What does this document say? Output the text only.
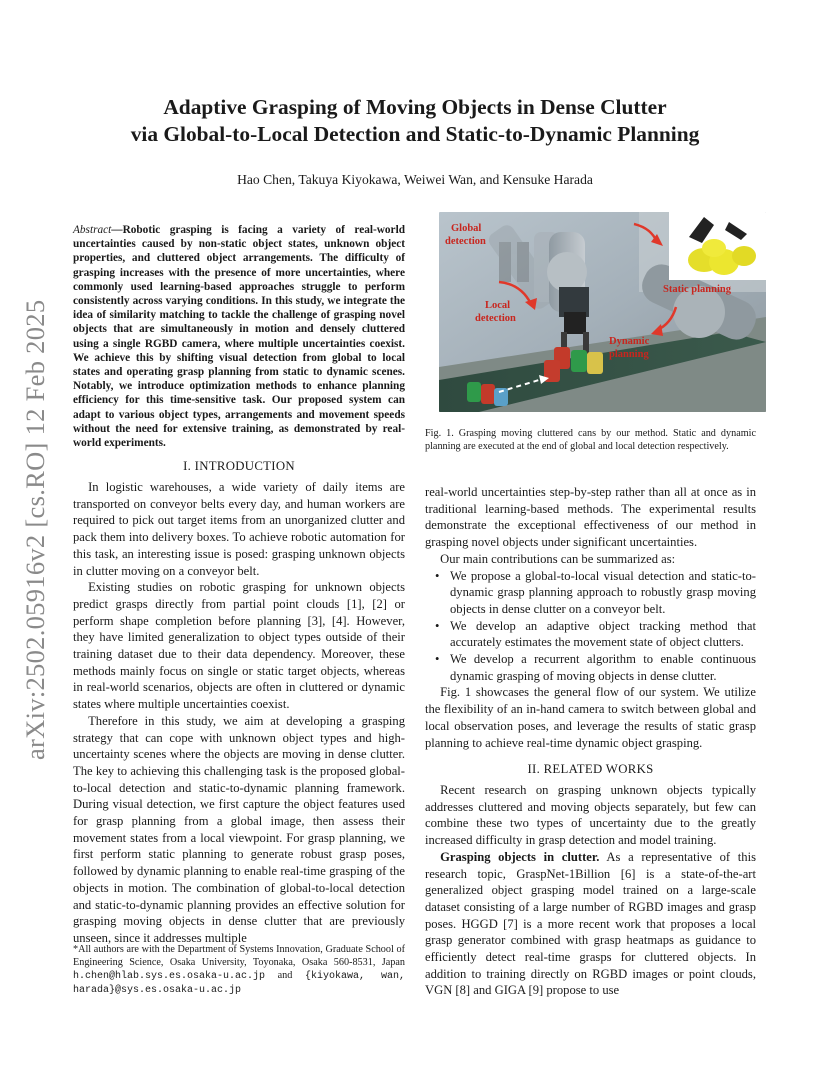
arXiv:2502.05916v2 [cs.RO] 12 Feb 2025
Adaptive Grasping of Moving Objects in Dense Clutter
via Global-to-Local Detection and Static-to-Dynamic Planning
Hao Chen, Takuya Kiyokawa, Weiwei Wan, and Kensuke Harada
Abstract—Robotic grasping is facing a variety of real-world uncertainties caused by non-static object states, unknown object properties, and cluttered object arrangements. The difficulty of grasping increases with the presence of more uncertainties, where commonly used learning-based approaches struggle to perform consistently across varying conditions. In this study, we integrate the idea of similarity matching to tackle the challenge of grasping novel objects that are simultaneously in motion and densely cluttered using a single RGBD camera, where multiple uncertainties coexist. We achieve this by shifting visual detection from global to local states and operating grasp planning from static to dynamic scenes. Notably, we introduce optimization methods to enhance planning efficiency for this time-sensitive task. Our proposed system can adapt to various object types, arrangements and movement speeds without the need for extensive training, as demonstrated by real-world experiments.
Global
detection
Local
detection
Static planning
Dynamic
planning
Fig. 1. Grasping moving cluttered cans by our method. Static and dynamic planning are executed at the end of global and local detection respectively.
I. INTRODUCTION

In logistic warehouses, a wide variety of daily items are transported on conveyor belts every day, and human workers are required to pick out target items from an unorganized clutter and pack them into delivery boxes. To achieve robotic automation for this task, an interesting issue is posed: grasping unknown objects in clutter moving on a conveyor belt.

Existing studies on robotic grasping for unknown objects predict grasps directly from partial point clouds [1], [2] or perform shape completion before planning [3], [4]. However, they have limited generalization to object types outside of their training dataset due to their data dependency. Moreover, these methods mainly focus on single or static target objects, whereas in real-world scenarios, objects are often in cluttered or dynamic states where multiple uncertainties coexist.

Therefore in this study, we aim at developing a grasping strategy that can cope with unknown object types and high-uncertainty scenes where the objects are moving in dense clutter. The key to achieving this challenging task is the proposed global-to-local detection and static-to-dynamic planning framework. During visual detection, we first capture the object features used for grasp planning from a global image, then assess their movement states from a local viewpoint. For grasp planning, we first perform static planning to generate robust grasp poses, followed by dynamic planning to enable real-time grasping of the objects in motion. The combination of global-to-local detection and static-to-dynamic planning provides an effective solution for grasping moving objects in dense clutter that are previously unseen, since it addresses multiple

*All authors are with the Department of Systems Innovation, Graduate School of Engineering Science, Osaka University, Toyonaka, Osaka 560-8531, Japan h.chen@hlab.sys.es.osaka-u.ac.jp and {kiyokawa, wan, harada}@sys.es.osaka-u.ac.jp

real-world uncertainties step-by-step rather than all at once as in traditional learning-based methods. The experimental results demonstrate the exceptional effectiveness of our method in grasping novel objects under significant uncertainties.

Our main contributions can be summarized as:

• We propose a global-to-local visual detection and static-to-dynamic grasp planning approach to robustly grasp moving objects in dense clutter on a conveyor belt.
• We develop an adaptive object tracking method that accurately estimates the movement state of object clutters.
• We develop a recurrent algorithm to enable continuous dynamic grasping of moving objects in dense clutter.

Fig. 1 showcases the general flow of our system. We utilize the flexibility of an in-hand camera to switch between global and local observation poses, and leverage the results of static grasp planning to achieve real-time dynamic object grasping.

II. RELATED WORKS

Recent research on grasping unknown objects typically addresses cluttered and moving objects separately, but few can combine these two types of uncertainty due to the greatly increased difficulty in grasp detection and model training.

Grasping objects in clutter. As a representative of this research topic, GraspNet-1Billion [6] is a state-of-the-art generalized object grasping model trained on a large-scale dataset consisting of a large number of RGBD images and grasp poses. HGGD [7] is a more recent work that proposes a local grasp generator combined with grasp heatmaps as guidance to efficiently detect real-time grasps for cluttered objects. In addition to training directly on RGBD images or point clouds, VGN [8] and GIGA [9] propose to use
